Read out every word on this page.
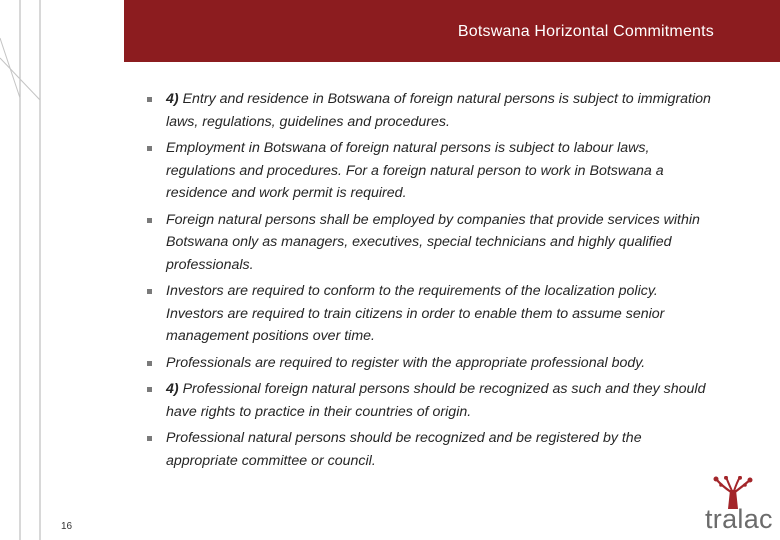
Botswana Horizontal Commitments
4) Entry and residence in Botswana of foreign natural persons is subject to immigration laws, regulations, guidelines and procedures.
Employment in Botswana of foreign natural persons is subject to labour laws, regulations and procedures. For a foreign natural person to work in Botswana a residence and work permit is required.
Foreign natural persons shall be employed by companies that provide services within Botswana only as managers, executives, special technicians and highly qualified professionals.
Investors are required to conform to the requirements of the localization policy. Investors are required to train citizens in order to enable them to assume senior management positions over time.
Professionals are required to register with the appropriate professional body.
4) Professional foreign natural persons should be recognized as such and they should have rights to practice in their countries of origin.
Professional natural persons should be recognized and be registered by the appropriate committee or council.
16	tralac
